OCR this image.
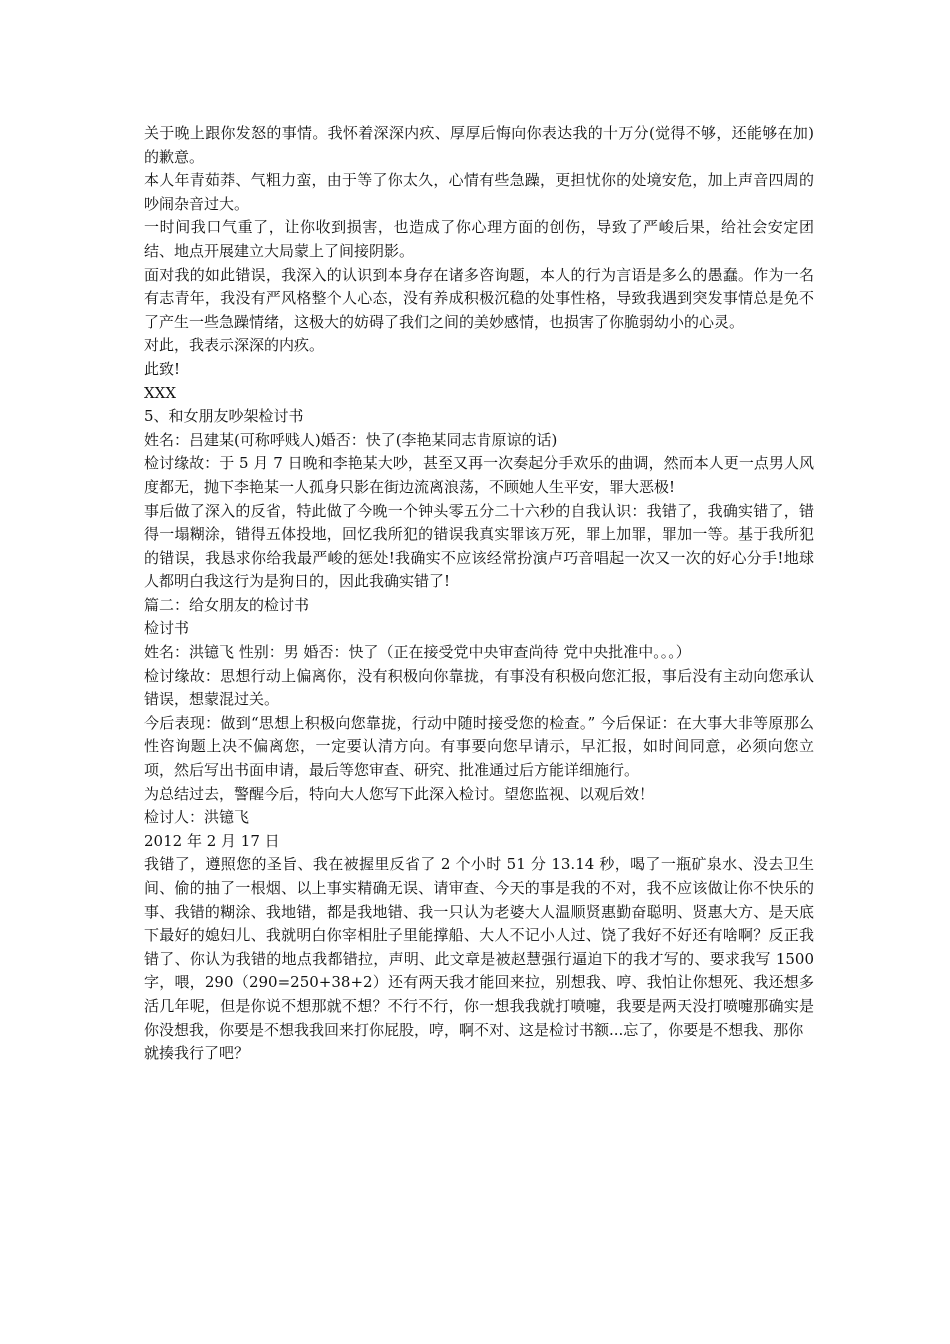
关于晚上跟你发怒的事情。我怀着深深内疚、厚厚后悔向你表达我的十万分(觉得不够，还能够在加)的歉意。

本人年青茹莽、气粗力蛮，由于等了你太久，心情有些急躁，更担忧你的处境安危，加上声音四周的吵闹杂音过大。

一时间我口气重了，让你收到损害，也造成了你心理方面的创伤，导致了严峻后果，给社会安定团结、地点开展建立大局蒙上了间接阴影。

面对我的如此错误，我深入的认识到本身存在诸多咨询题，本人的行为言语是多么的愚蠢。作为一名有志青年，我没有严风格整个人心态，没有养成积极沉稳的处事性格，导致我遇到突发事情总是免不了产生一些急躁情绪，这极大的妨碍了我们之间的美妙感情，也损害了你脆弱幼小的心灵。

对此，我表示深深的内疚。

此致!

XXX

5、和女朋友吵架检讨书

姓名：吕建某(可称呼贱人)婚否：快了(李艳某同志肯原谅的话)

检讨缘故：于 5 月 7 日晚和李艳某大吵，甚至又再一次奏起分手欢乐的曲调，然而本人更一点男人风度都无，抛下李艳某一人孤身只影在街边流离浪荡，不顾她人生平安，罪大恶极!

事后做了深入的反省，特此做了今晚一个钟头零五分二十六秒的自我认识：我错了，我确实错了，错得一塌糊涂，错得五体投地，回忆我所犯的错误我真实罪该万死，罪上加罪，罪加一等。基于我所犯的错误，我恳求你给我最严峻的惩处!我确实不应该经常扮演卢巧音唱起一次又一次的好心分手!地球人都明白我这行为是狗日的，因此我确实错了!

篇二：给女朋友的检讨书

检讨书

姓名：洪镱飞 性别：男 婚否：快了（正在接受党中央审查尚待 党中央批准中。。。）

检讨缘故：思想行动上偏离你，没有积极向你靠拢，有事没有积极向您汇报，事后没有主动向您承认错误，想蒙混过关。

今后表现：做到“思想上积极向您靠拢，行动中随时接受您的检查。” 今后保证：在大事大非等原那么性咨询题上决不偏离您，一定要认清方向。有事要向您早请示，早汇报，如时间同意，必须向您立项，然后写出书面申请，最后等您审查、研究、批准通过后方能详细施行。

为总结过去，警醒今后，特向大人您写下此深入检讨。望您监视、以观后效！

检讨人：洪镱飞

2012 年 2 月 17 日

我错了，遵照您的圣旨、我在被握里反省了 2 个小时 51 分 13.14 秒，喝了一瓶矿泉水、没去卫生间、偷的抽了一根烟、以上事实精确无误、请审查、今天的事是我的不对，我不应该做让你不快乐的事、我错的糊涂、我地错，都是我地错、我一只认为老婆大人温顺贤惠勤奋聪明、贤惠大方、是天底下最好的媳妇儿、我就明白你宰相肚子里能撑船、大人不记小人过、饶了我好不好还有啥啊？反正我错了、你认为我错的地点我都错拉，声明、此文章是被赵慧强行逼迫下的我才写的、要求我写 1500 字，喂，290（290=250+38+2）还有两天我才能回来拉，别想我、哼、我怕让你想死、我还想多活几年呢，但是你说不想那就不想？不行不行，你一想我我就打喷嚏，我要是两天没打喷嚏那确实是你没想我，你要是不想我我回来打你屁股，哼，啊不对、这是检讨书额...忘了，你要是不想我、那你

就揍我行了吧？
